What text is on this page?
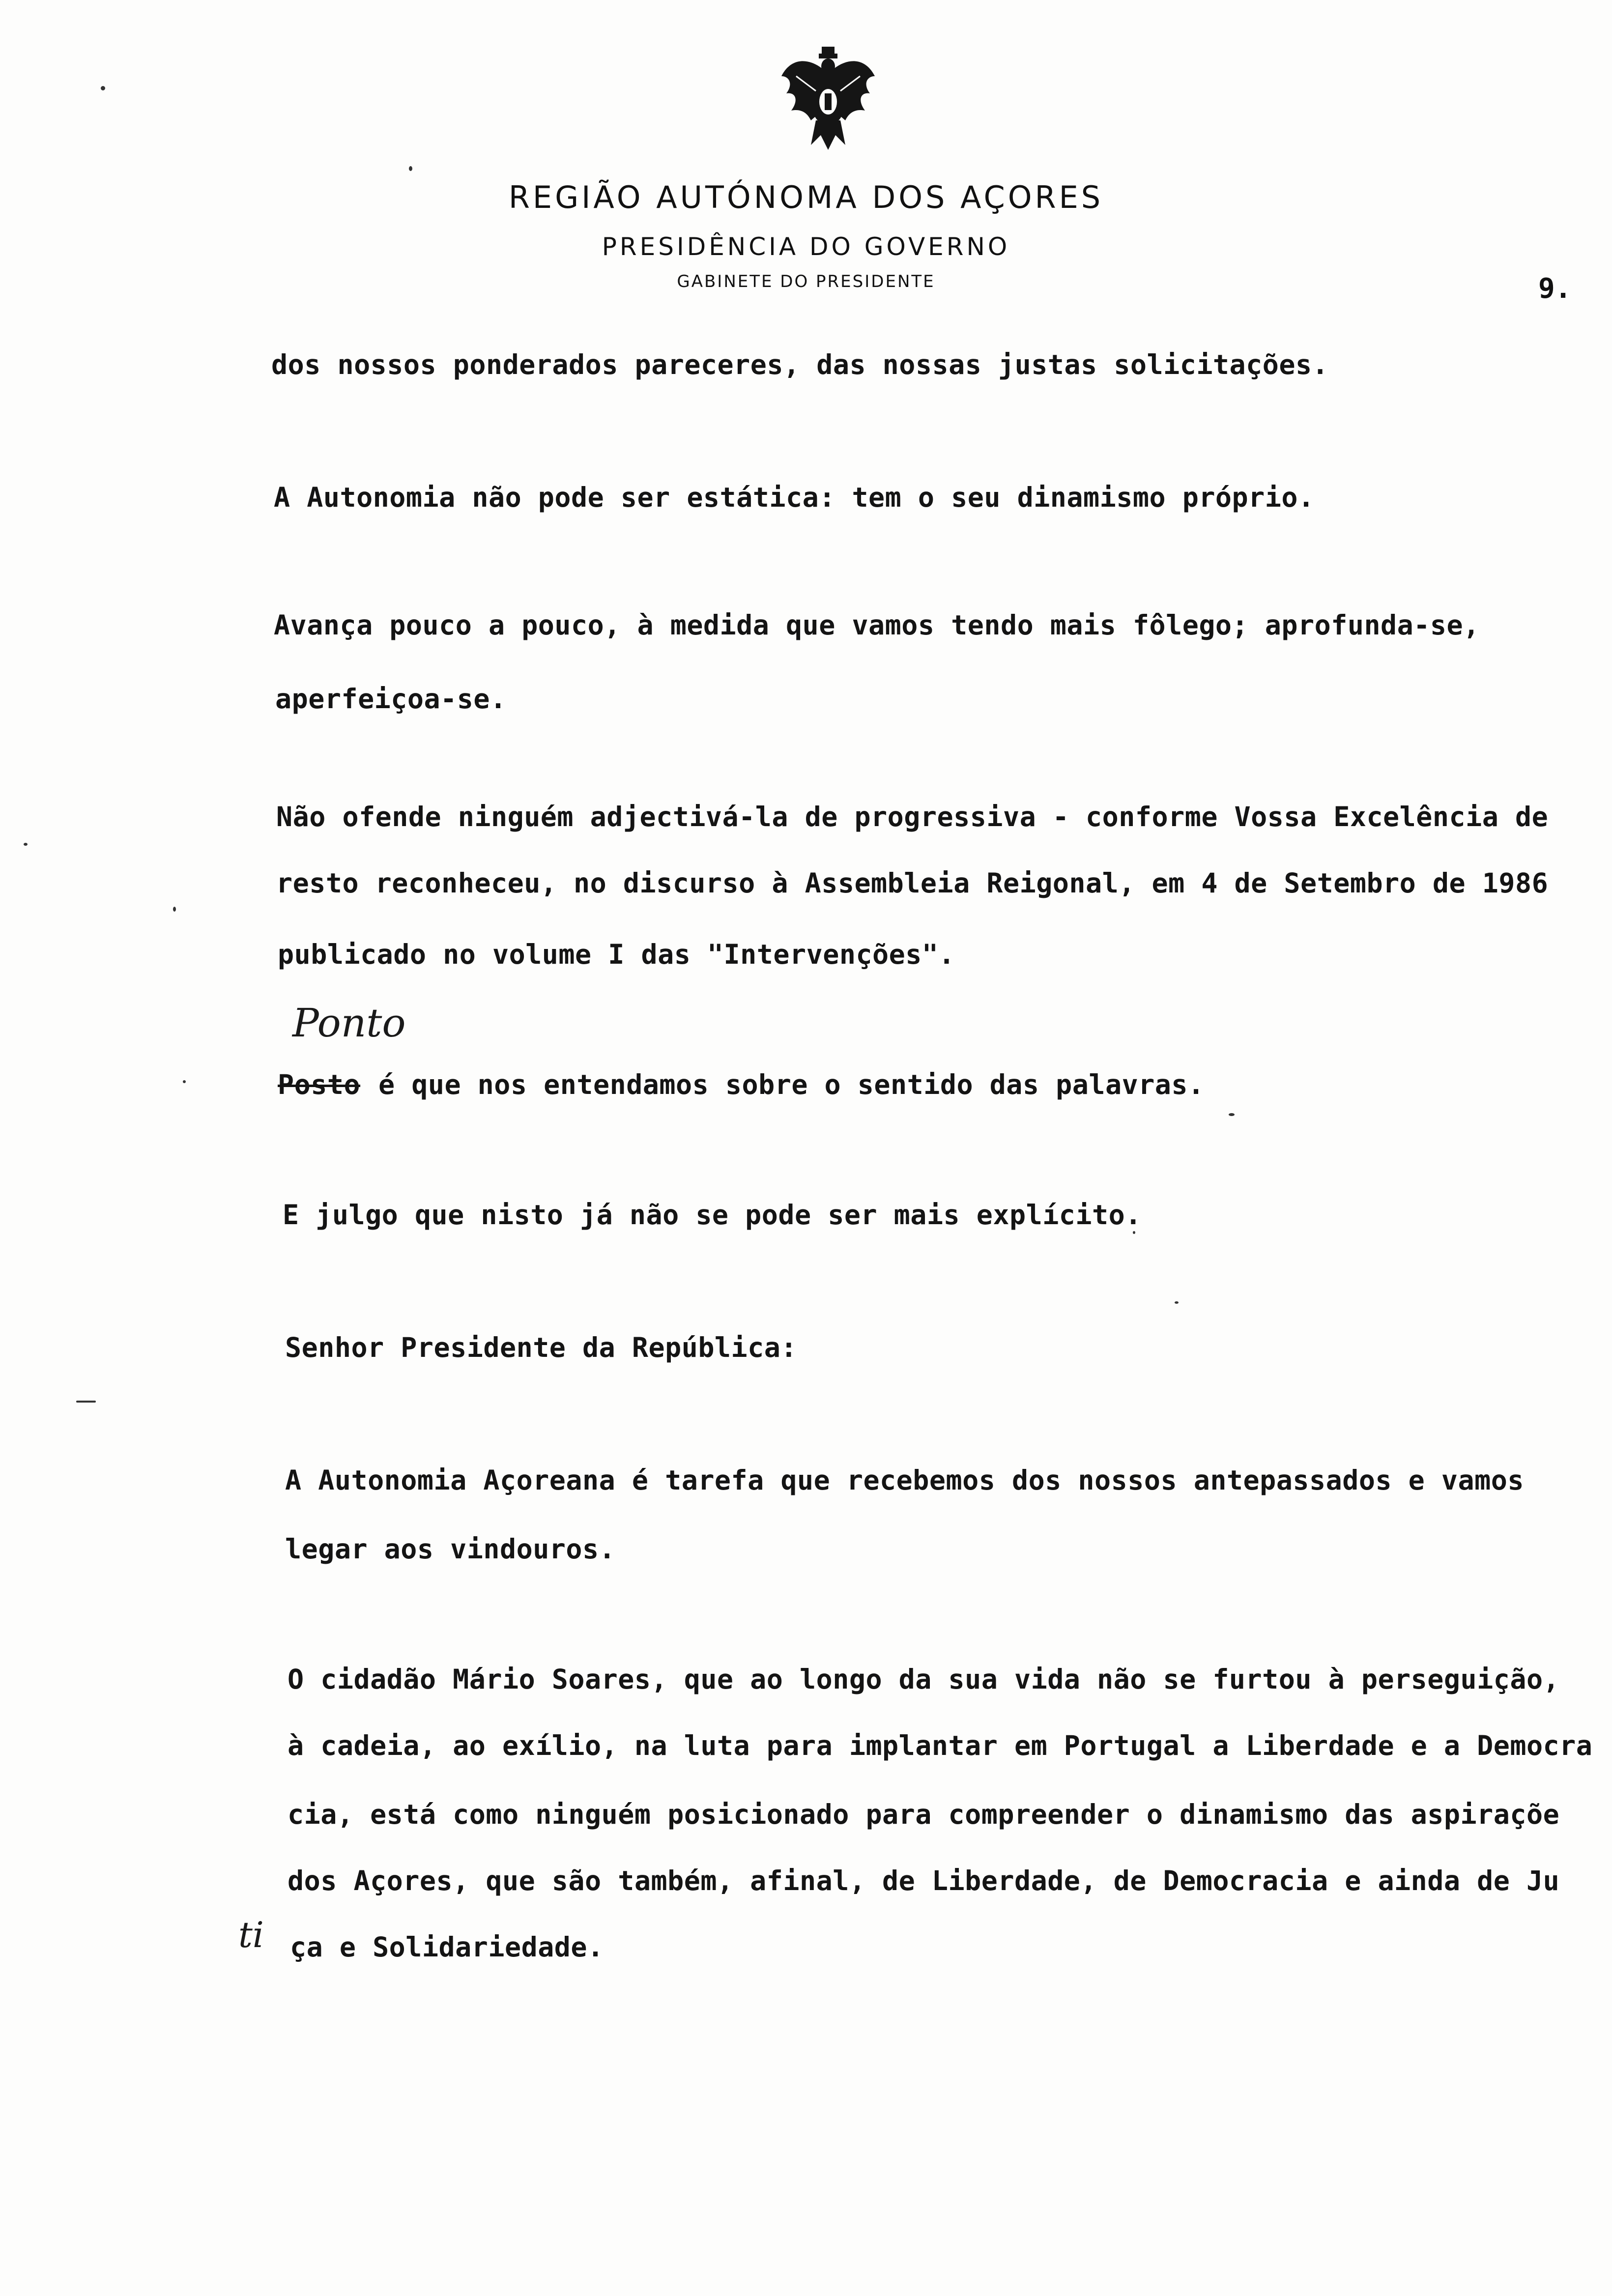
REGIÃO AUTÓNOMA DOS AÇORES
PRESIDÊNCIA DO GOVERNO
GABINETE DO PRESIDENTE	9.
dos nossos ponderados pareceres, das nossas justas solicitações.
A Autonomia não pode ser estática: tem o seu dinamismo próprio.
Avança pouco a pouco, à medida que vamos tendo mais fôlego; aprofunda-se,
aperfeiçoa-se.
Não ofende ninguém adjectivá-la de progressiva - conforme Vossa Excelência de
resto reconheceu, no discurso à Assembleia Reigonal, em 4 de Setembro de 1986
publicado no volume I das "Intervenções".
Ponto
Posto é que nos entendamos sobre o sentido das palavras.
E julgo que nisto já não se pode ser mais explícito.
Senhor Presidente da República:
A Autonomia Açoreana é tarefa que recebemos dos nossos antepassados e vamos
legar aos vindouros.
O cidadão Mário Soares, que ao longo da sua vida não se furtou à perseguição,
à cadeia, ao exílio, na luta para implantar em Portugal a Liberdade e a Democra
cia, está como ninguém posicionado para compreender o dinamismo das aspiraçõe
dos Açores, que são também, afinal, de Liberdade, de Democracia e ainda de Ju
ti ça e Solidariedade.
